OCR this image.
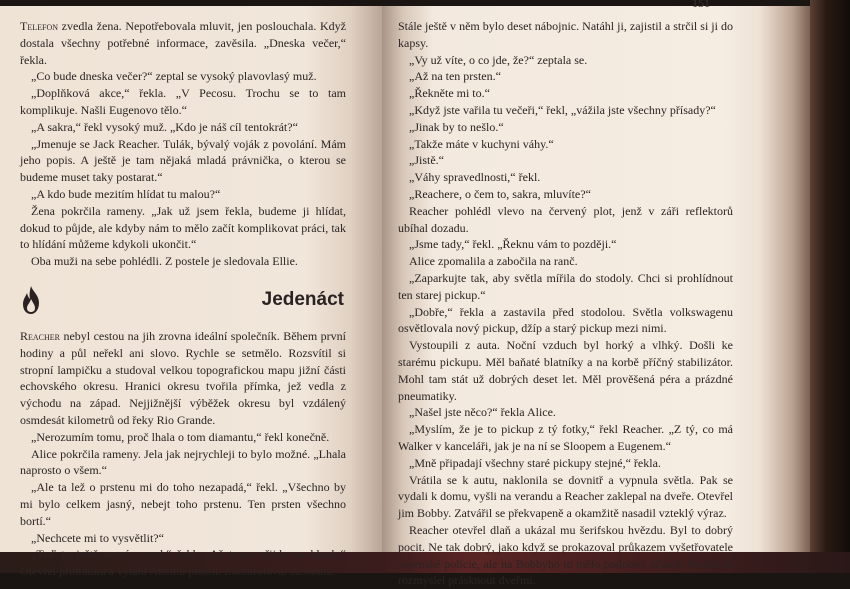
Telefon zvedla žena. Nepotřebovala mluvit, jen poslouchala. Když dostala všechny potřebné informace, zavěsila. „Dneska večer,“ řekla.

„Co bude dneska večer?“ zeptal se vysoký plavovlasý muž.

„Doplňková akce,“ řekla. „V Pecosu. Trochu se to tam komplikuje. Našli Eugenovo tělo.“

„A sakra,“ řekl vysoký muž. „Kdo je náš cíl tentokrát?“

„Jmenuje se Jack Reacher. Tulák, bývalý voják z povolání. Mám jeho popis. A ještě je tam nějaká mladá právnička, o kterou se budeme muset taky postarat.“

„A kdo bude mezitím hlídat tu malou?“

Žena pokrčila rameny. „Jak už jsem řekla, budeme ji hlídat, dokud to půjde, ale kdyby nám to mělo začít komplikovat práci, tak to hlídání můžeme kdykoli ukončit.“

Oba muži na sebe pohlédli. Z postele je sledovala Ellie.

Jedenáct

Reacher nebyl cestou na jih zrovna ideální společník. Během první hodiny a půl neřekl ani slovo. Rychle se setmělo. Rozsvítil si stropní lampičku a studoval velkou topografickou mapu jižní části echovského okresu. Hranici okresu tvořila přímka, jež vedla z východu na západ. Nejjižnější výběžek okresu byl vzdálený osmdesát kilometrů od řeky Rio Grande.

„Nerozumím tomu, proč lhala o tom diamantu,“ řekl konečně.

Alice pokrčila rameny. Jela jak nejrychleji to bylo možné. „Lhala naprosto o všem.“

„Ale ta lež o prstenu mi do toho nezapadá,“ řekl. „Všechno by mi bylo celkem jasný, nebejt toho prstenu. Ten prsten všechno bortí.“

„Nechcete mi to vysvětlit?“

„Teď to ještě nemá smysl,“ řekl. „Až tomu přijdu na kloub.“ Otevřel přihrádku a vytáhl Alicinu pistoli. Zkontroloval zásobník.

151

Stále ještě v něm bylo deset nábojnic. Natáhl ji, zajistil a strčil si ji do kapsy.

„Vy už víte, o co jde, že?“ zeptala se.

„Až na ten prsten.“

„Řekněte mi to.“

„Když jste vařila tu večeři,“ řekl, „vážila jste všechny přísady?“

„Jinak by to nešlo.“

„Takže máte v kuchyni váhy.“

„Jistě.“

„Váhy spravedlnosti,“ řekl.

„Reachere, o čem to, sakra, mluvíte?“

Reacher pohlédl vlevo na červený plot, jenž v záři reflektorů ubíhal dozadu.

„Jsme tady,“ řekl. „Řeknu vám to později.“

Alice zpomalila a zabočila na ranč.

„Zaparkujte tak, aby světla mířila do stodoly. Chci si prohlídnout ten starej pickup.“

„Dobře,“ řekla a zastavila před stodolou. Světla volkswagenu osvětlovala nový pickup, džíp a starý pickup mezi nimi.

Vystoupili z auta. Noční vzduch byl horký a vlhký. Došli ke starému pickupu. Měl baňaté blatníky a na korbě příčný stabilizátor. Mohl tam stát už dobrých deset let. Měl prověšená péra a prázdné pneumatiky.

„Našel jste něco?“ řekla Alice.

„Myslím, že je to pickup z tý fotky,“ řekl Reacher. „Z tý, co má Walker v kanceláři, jak je na ní se Sloopem a Eugenem.“

„Mně připadají všechny staré pickupy stejné,“ řekla.

Vrátila se k autu, naklonila se dovnitř a vypnula světla. Pak se vydali k domu, vyšli na verandu a Reacher zaklepal na dveře. Otevřel jim Bobby. Zatvářil se překvapeně a okamžitě nasadil vzteklý výraz.

Reacher otevřel dlaň a ukázal mu šerifskou hvězdu. Byl to dobrý pocit. Ne tak dobrý, jako když se prokazoval průkazem vyšetřovatele vojenské policie, ale na Bobbyho to mělo podobný účinek. Rychle si rozmyslel prásknout dveřmi.
